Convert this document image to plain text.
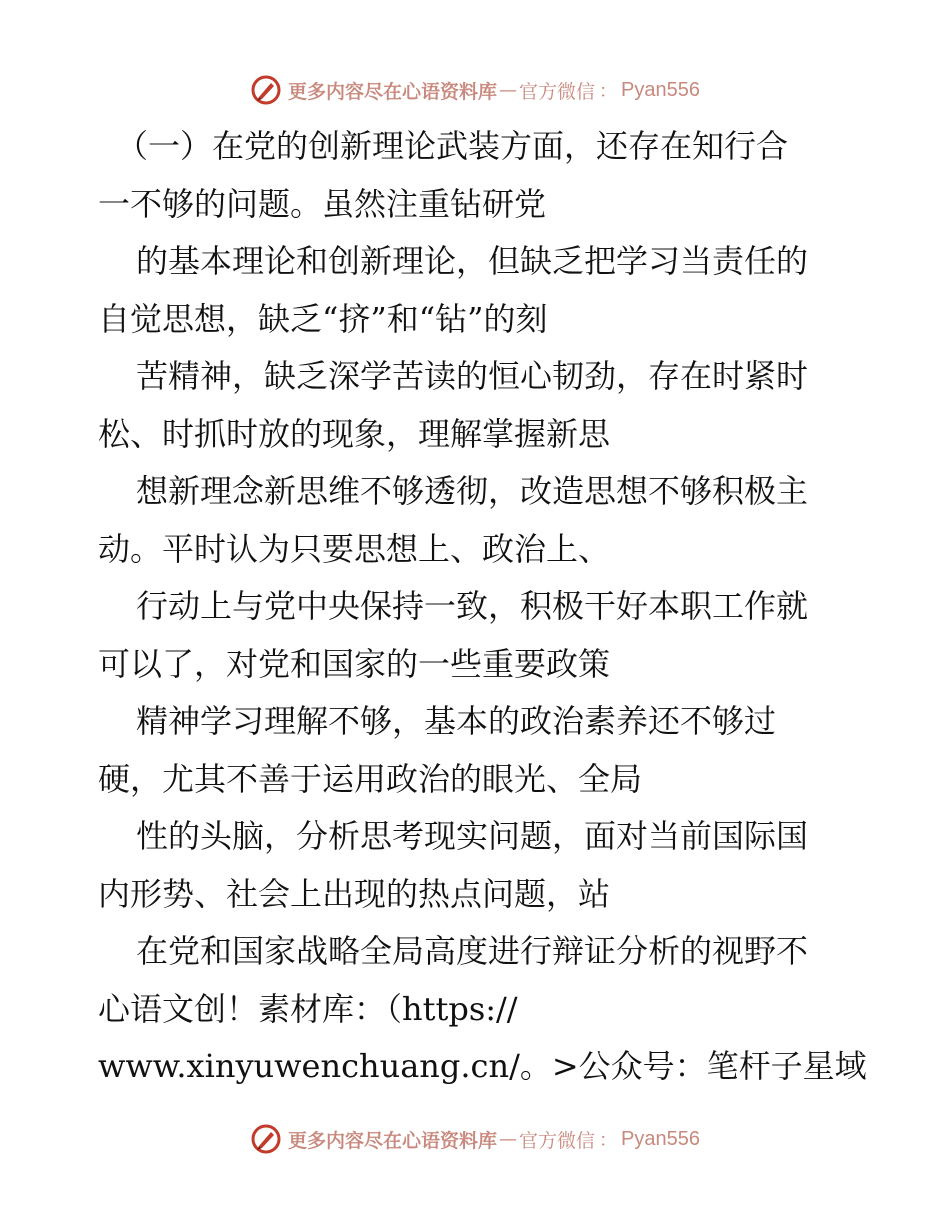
更多内容尽在心语资料库 — 官方微信 ： Pyan556
（一）在党的创新理论武装方面，还存在知行合
一不够的问题。虽然注重钻研党
的基本理论和创新理论，但缺乏把学习当责任的
自觉思想，缺乏“挤”和“钻”的刻
苦精神，缺乏深学苦读的恒心韧劲，存在时紧时
松、时抓时放的现象，理解掌握新思
想新理念新思维不够透彻，改造思想不够积极主
动。平时认为只要思想上、政治上、
行动上与党中央保持一致，积极干好本职工作就
可以了，对党和国家的一些重要政策
精神学习理解不够，基本的政治素养还不够过
硬，尤其不善于运用政治的眼光、全局
性的头脑，分析思考现实问题，面对当前国际国
内形势、社会上出现的热点问题，站
在党和国家战略全局高度进行辩证分析的视野不
心语文创！素材库：（https://
www.xinyuwenchuang.cn/。>公众号：笔杆子星域
更多内容尽在心语资料库 — 官方微信 ： Pyan556
